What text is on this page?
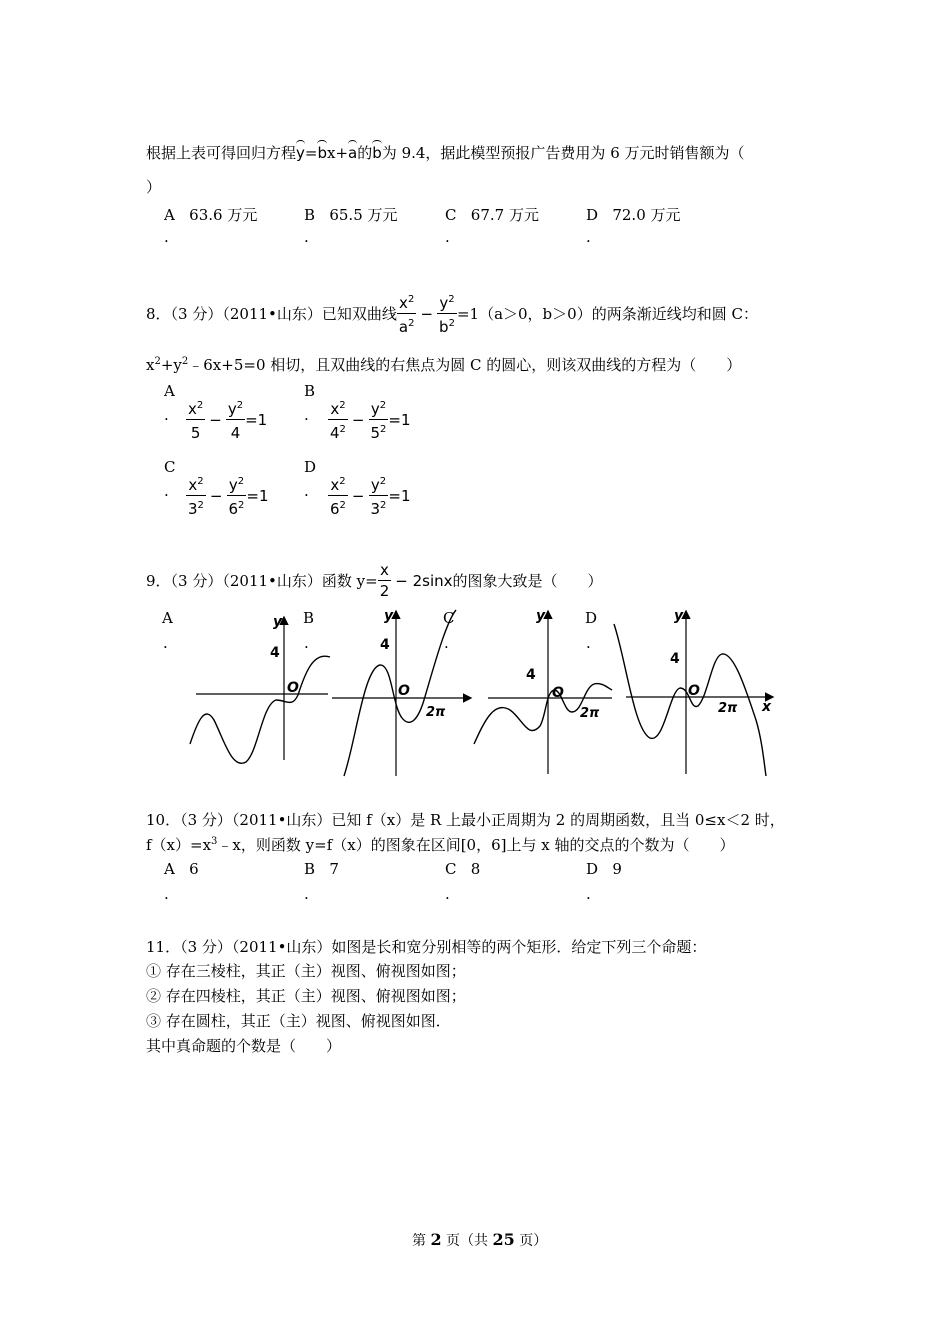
根据上表可得回归方程y=bx+a的b为 9.4，据此模型预报广告费用为 6 万元时销售额为（
）
A 63.6 万元
.
B 65.5 万元
.
C 67.7 万元
.
D 72.0 万元
.
8．（3 分）（2011•山东）已知双曲线 $\frac{x^2}{a^2} - \frac{y^2}{b^2} =1(a>0$，b＞0）的两条渐近线均和圆 C：
$x^2+y^2﹣6x+5=0$ 相切，且双曲线的右焦点为圆 C 的圆心，则该双曲线的方程为（　　）
A
. $\frac{x^2}{5} - \frac{y^2}{4} =1$
B
. $\frac{x^2}{4^2} - \frac{y^2}{5^2} =1$
C
. $\frac{x^2}{3^2} - \frac{y^2}{6^2} =1$
D
. $\frac{x^2}{6^2} - \frac{y^2}{3^2} =1$
9．（3 分）（2011•山东）函数 $y= \frac{x}{2} - 2\sin x$ 的图象大致是（　　）
A
.
B
.
C
.
D
.
y
4
O
y
4
O
2π
y
4
O
2π
y
4
O
2π x
10．（3 分）（2011•山东）已知 f（x）是 R 上最小正周期为 2 的周期函数，且当 0≤x＜2 时，
$f(x)=x^3﹣x$，则函数 y=f（x）的图象在区间[0，6]上与 x 轴的交点的个数为（　　）
A 6
.
B 7
.
C 8
.
D 9
.
11．（3 分）（2011•山东）如图是长和宽分别相等的两个矩形．给定下列三个命题：
① 存在三棱柱，其正（主）视图、俯视图如图；
② 存在四棱柱，其正（主）视图、俯视图如图；
③ 存在圆柱，其正（主）视图、俯视图如图．
其中真命题的个数是（　　）
第 2 页（共 25 页）
